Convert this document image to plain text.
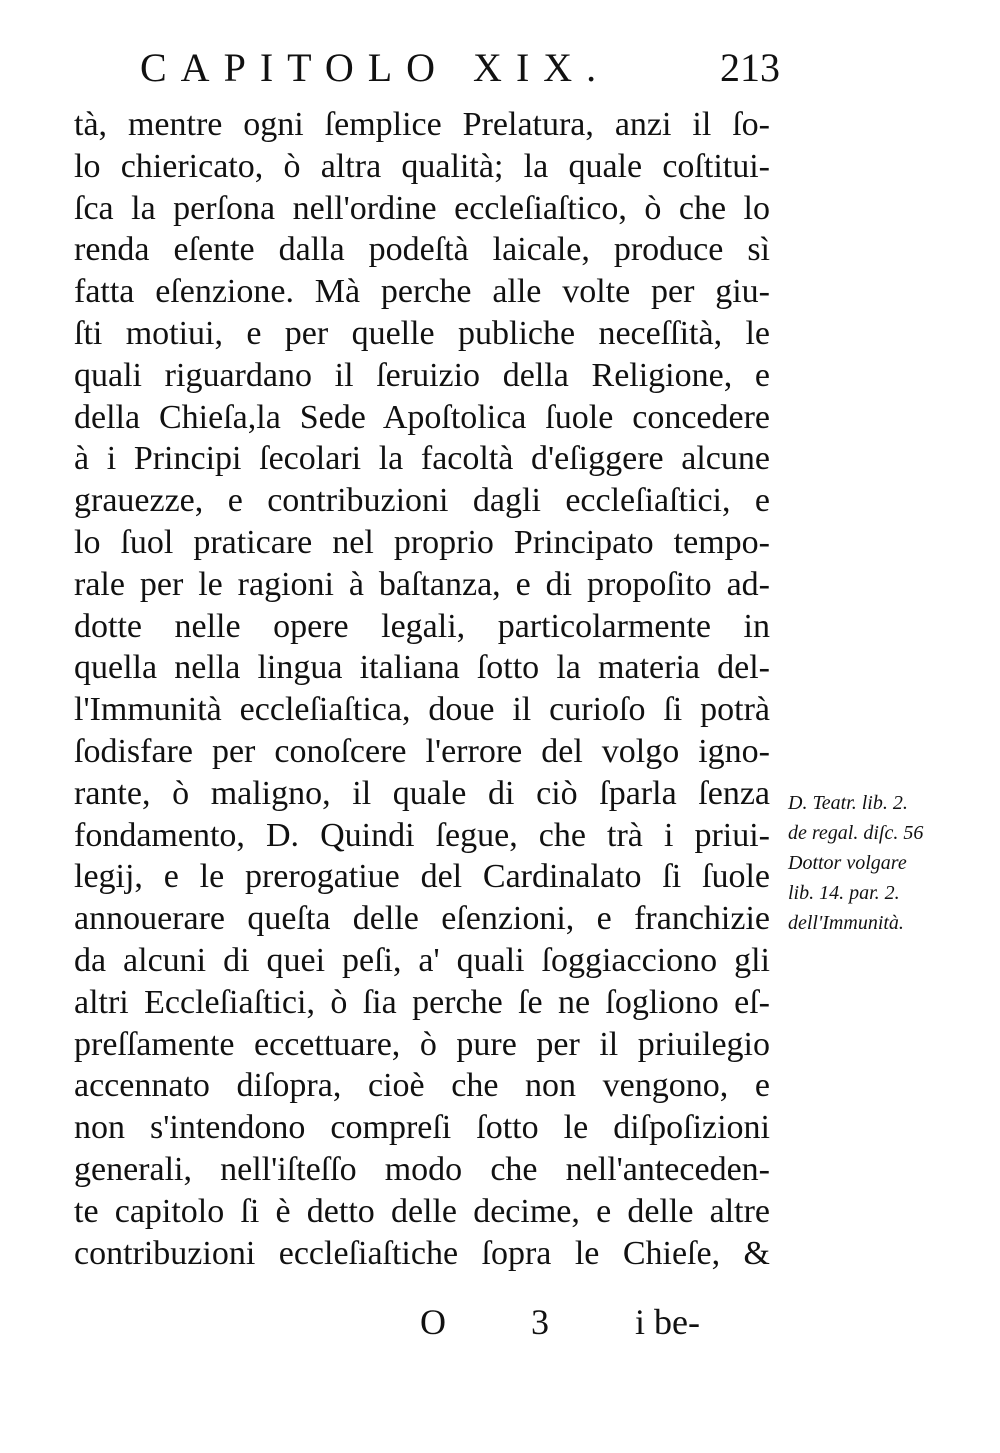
CAPITOLO XIX.	213
tà, mentre ogni ſemplice Prelatura, anzi il ſo-
lo chiericato, ò altra qualità; la quale coſtitui-
ſca la perſona nell'ordine eccleſiaſtico, ò che lo
renda eſente dalla podeſtà laicale, produce sì
fatta eſenzione. Mà perche alle volte per giu-
ſti motiui, e per quelle publiche neceſſità, le
quali riguardano il ſeruizio della Religione, e
della Chieſa,la Sede Apoſtolica ſuole concedere
à i Principi ſecolari la facoltà d'eſiggere alcune
grauezze, e contribuzioni dagli eccleſiaſtici, e
lo ſuol praticare nel proprio Principato tempo-
rale per le ragioni à baſtanza, e di propoſito ad-
dotte nelle opere legali, particolarmente in
quella nella lingua italiana ſotto la materia del-
l'Immunità eccleſiaſtica, doue il curioſo ſi potrà
ſodisfare per conoſcere l'errore del volgo igno-
rante, ò maligno, il quale di ciò ſparla ſenza
fondamento, D. Quindi ſegue, che trà i priui-
legij, e le prerogatiue del Cardinalato ſi ſuole
annouerare queſta delle eſenzioni, e franchizie
da alcuni di quei peſi, a' quali ſoggiacciono gli
altri Eccleſiaſtici, ò ſia perche ſe ne ſogliono eſ-
preſſamente eccettuare, ò pure per il priuilegio
accennato diſopra, cioè che non vengono, e
non s'intendono compreſi ſotto le diſpoſizioni
generali, nell'iſteſſo modo che nell'anteceden-
te capitolo ſi è detto delle decime, e delle altre
contribuzioni eccleſiaſtiche ſopra le Chieſe, &
D. Teatr. lib. 2.
de regal. diſc. 56
Dottor volgare
lib. 14. par. 2.
dell'Immunità.
O 3 i be-
